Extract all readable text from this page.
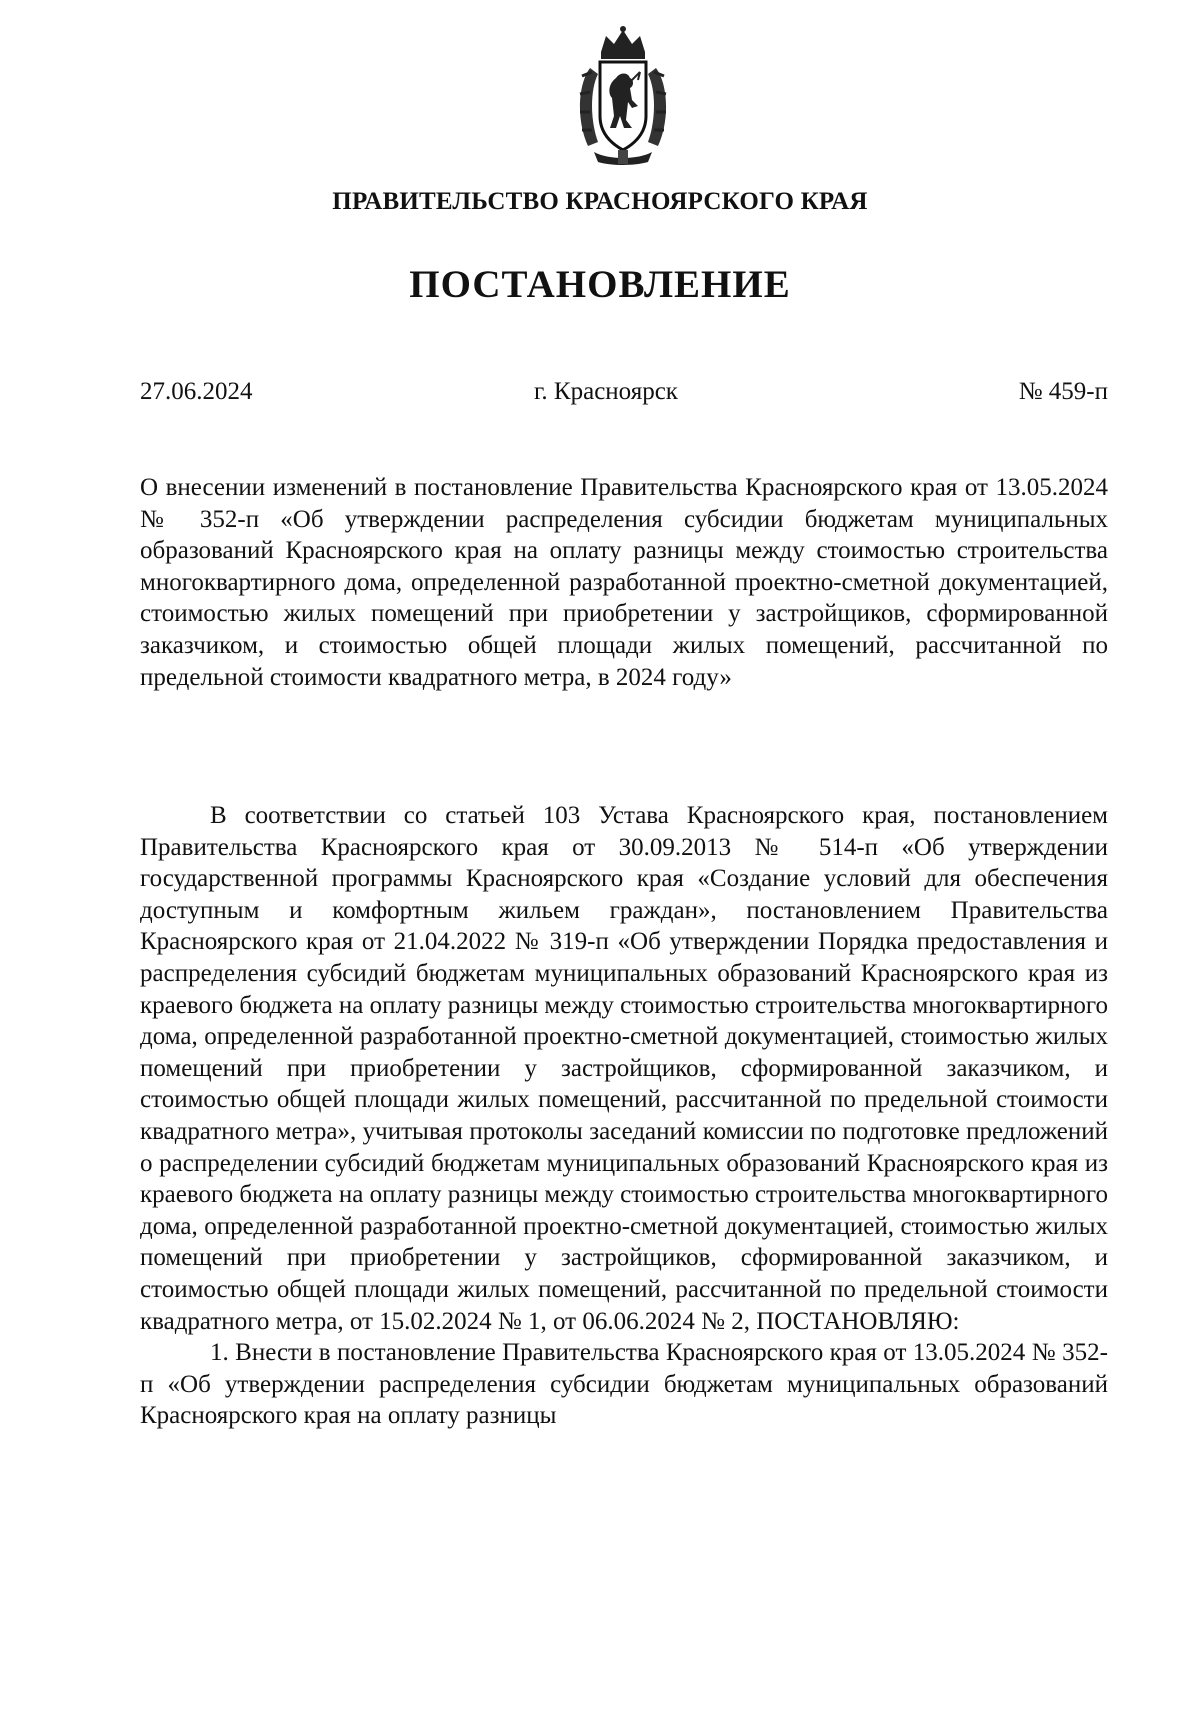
ПРАВИТЕЛЬСТВО КРАСНОЯРСКОГО КРАЯ
ПОСТАНОВЛЕНИЕ
27.06.2024	г. Красноярск	№ 459-п
О внесении изменений в постановление Правительства Красноярского края от 13.05.2024 № 352-п «Об утверждении распределения субсидии бюджетам муниципальных образований Красноярского края на оплату разницы между стоимостью строительства многоквартирного дома, определенной разработанной проектно-сметной документацией, стоимостью жилых помещений при приобретении у застройщиков, сформированной заказчиком, и стоимостью общей площади жилых помещений, рассчитанной по предельной стоимости квадратного метра, в 2024 году»

В соответствии со статьей 103 Устава Красноярского края, постановлением Правительства Красноярского края от 30.09.2013 № 514-п «Об утверждении государственной программы Красноярского края «Создание условий для обеспечения доступным и комфортным жильем граждан», постановлением Правительства Красноярского края от 21.04.2022 № 319-п «Об утверждении Порядка предоставления и распределения субсидий бюджетам муниципальных образований Красноярского края из краевого бюджета на оплату разницы между стоимостью строительства многоквартирного дома, определенной разработанной проектно-сметной документацией, стоимостью жилых помещений при приобретении у застройщиков, сформированной заказчиком, и стоимостью общей площади жилых помещений, рассчитанной по предельной стоимости квадратного метра», учитывая протоколы заседаний комиссии по подготовке предложений о распределении субсидий бюджетам муниципальных образований Красноярского края из краевого бюджета на оплату разницы между стоимостью строительства многоквартирного дома, определенной разработанной проектно-сметной документацией, стоимостью жилых помещений при приобретении у застройщиков, сформированной заказчиком, и стоимостью общей площади жилых помещений, рассчитанной по предельной стоимости квадратного метра, от 15.02.2024 № 1, от 06.06.2024 № 2, ПОСТАНОВЛЯЮ:

1. Внести в постановление Правительства Красноярского края от 13.05.2024 № 352-п «Об утверждении распределения субсидии бюджетам муниципальных образований Красноярского края на оплату разницы
